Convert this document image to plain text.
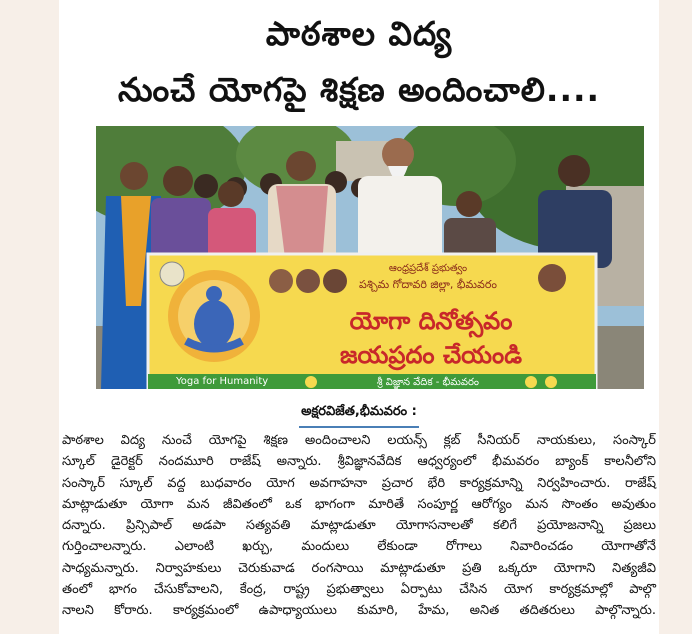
పాఠశాల విద్య
నుంచే యోగపై శిక్షణ అందించాలి....
ఆంధ్రప్రదేశ్ ప్రభుత్వం
పశ్చిమ గోదావరి జిల్లా, భీమవరం
యోగా దినోత్సవం
జయప్రదం చేయండి
Yoga for Humanity	శ్రీ విజ్ఞాన వేదిక - భీమవరం
అక్షరవిజేత,భీమవరం :
పాఠశాల విద్య నుంచే యోగపై శిక్షణ అందించాలని లయన్స్ క్లబ్ సీనియర్ నాయకులు, సంస్కార్
స్కూల్ డైరెక్టర్ నందమూరి రాజేష్ అన్నారు. శ్రీవిజ్ఞానవేదిక ఆధ్వర్యంలో భీమవరం బ్యాంక్ కాలనీలోని
సంస్కార్ స్కూల్ వద్ద బుధవారం యోగ అవగాహనా ప్రచార భేరి కార్యక్రమాన్ని నిర్వహించారు. రాజేష్
మాట్లాడుతూ యోగా మన జీవితంలో ఒక భాగంగా మారితే సంపూర్ణ ఆరోగ్యం మన సొంతం అవుతుం
దన్నారు. ప్రిన్సిపాల్ అడపా సత్యవతి మాట్లాడుతూ యోగాసనాలతో కలిగే ప్రయోజనాన్ని ప్రజలు
గుర్తించాలన్నారు. ఎలాంటి ఖర్చు, మందులు లేకుండా రోగాలు నివారించడం యోగాతోనే
సాధ్యమన్నారు. నిర్వాహకులు చెరుకువాడ రంగసాయి మాట్లాడుతూ ప్రతి ఒక్కరూ యోగాని నిత్యజీవి
తంలో భాగం చేసుకోవాలని, కేంద్ర, రాష్ట్ర ప్రభుత్వాలు ఏర్పాటు చేసిన యోగ కార్యక్రమాల్లో పాల్గొ
నాలని కోరారు. కార్యక్రమంలో ఉపాధ్యాయులు కుమారి, హేమ, అనిత తదితరులు పాల్గొన్నారు.
